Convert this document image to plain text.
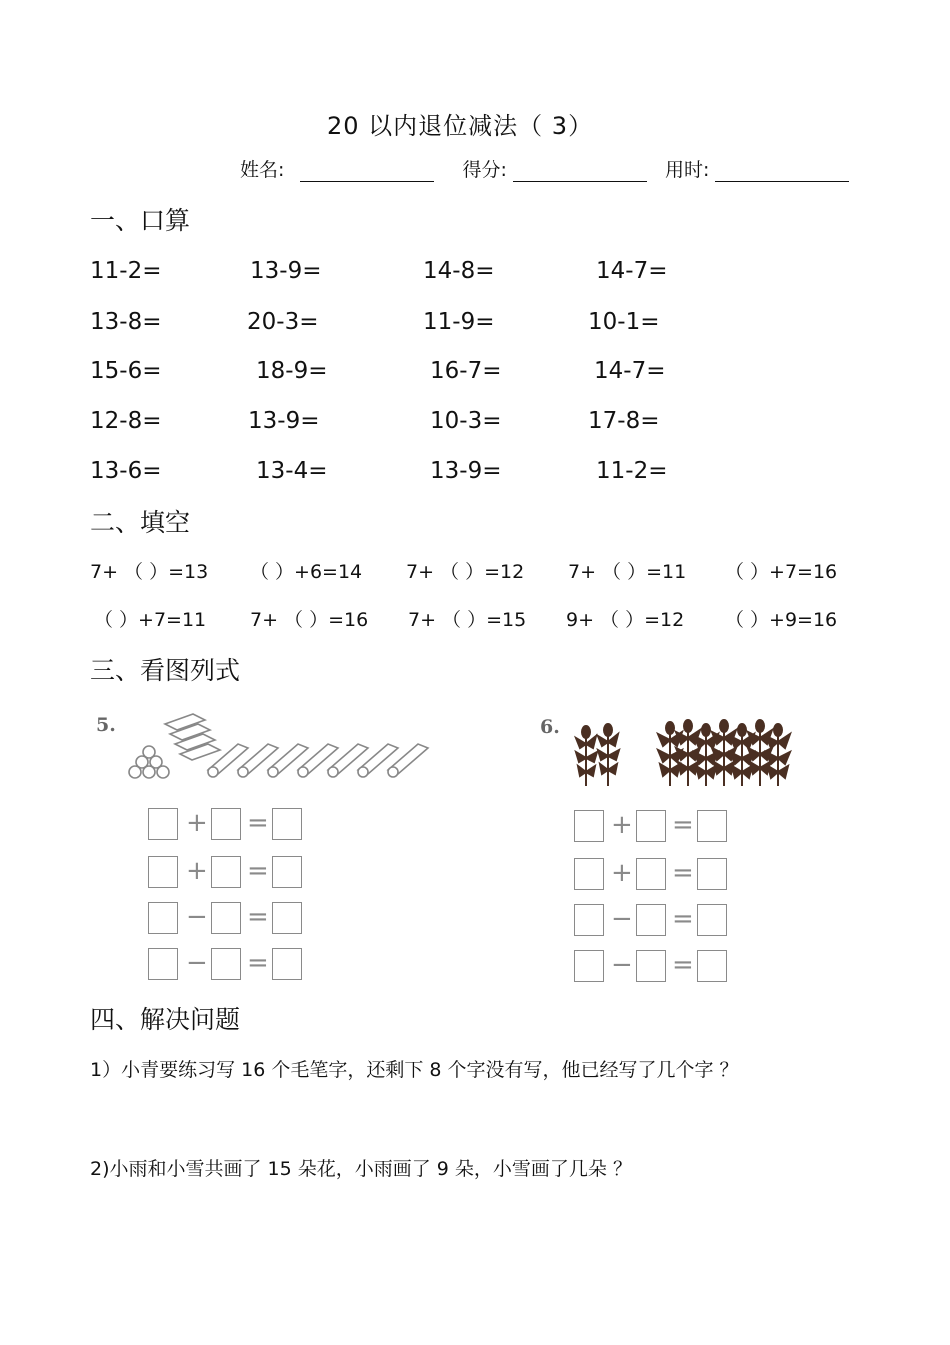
20 以内退位减法（ 3）
姓名:	得分:	用时:
一、口算
11-2=	13-9=	14-8=	14-7=
13-8=	20-3=	11-9=	10-1=
15-6=	18-9=	16-7=	14-7=
12-8=	13-9=	10-3=	17-8=
13-6=	13-4=	13-9=	11-2=
二、填空
7+ （ ）=13 （ ）+6=14 7+ （ ）=12 7+ （ ）=11 （ ）+7=16
（ ）+7=11 7+ （ ）=16 7+ （ ）=15 9+ （ ）=12 （ ）+9=16
三、看图列式
5.
+ =
+ =
− =
− =
6.
+ =
+ =
− =
− =
四、解决问题
1）小青要练习写 16 个毛笔字，还剩下 8 个字没有写，他已经写了几个字 ？
2)小雨和小雪共画了 15 朵花，小雨画了 9 朵，小雪画了几朵 ？
